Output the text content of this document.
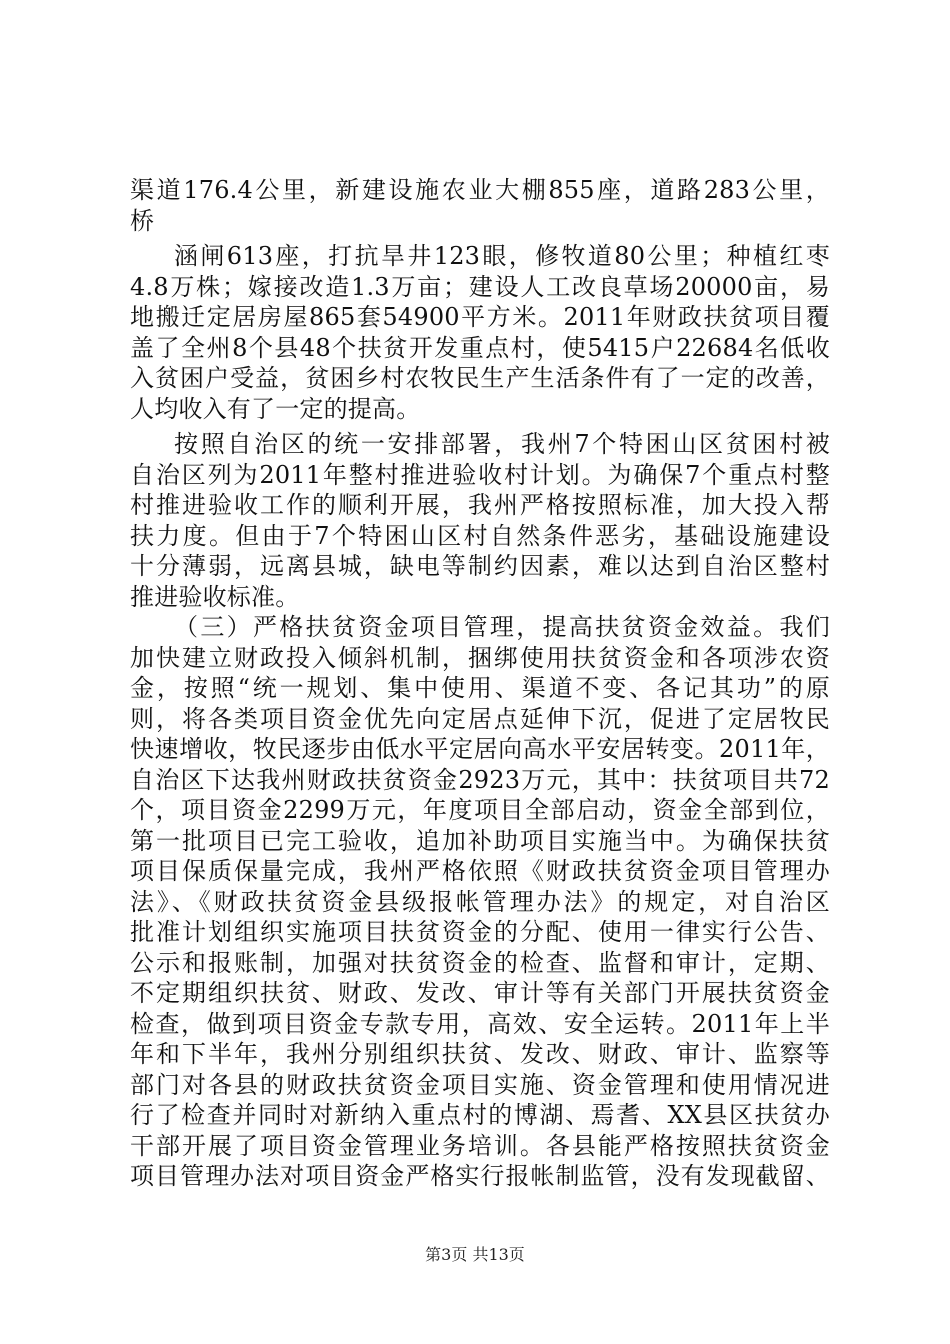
渠道176.4公里，新建设施农业大棚855座，道路283公里，
桥
涵闸613座，打抗旱井123眼，修牧道80公里；种植红枣
4.8万株；嫁接改造1.3万亩；建设人工改良草场20000亩，易
地搬迁定居房屋865套54900平方米。2011年财政扶贫项目覆
盖了全州8个县48个扶贫开发重点村，使5415户22684名低收
入贫困户受益，贫困乡村农牧民生产生活条件有了一定的改善，
人均收入有了一定的提高。
按照自治区的统一安排部署，我州7个特困山区贫困村被
自治区列为2011年整村推进验收村计划。为确保7个重点村整
村推进验收工作的顺利开展，我州严格按照标准，加大投入帮
扶力度。但由于7个特困山区村自然条件恶劣，基础设施建设
十分薄弱，远离县城，缺电等制约因素，难以达到自治区整村
推进验收标准。
（三）严格扶贫资金项目管理，提高扶贫资金效益。我们
加快建立财政投入倾斜机制，捆绑使用扶贫资金和各项涉农资
金，按照“统一规划、集中使用、渠道不变、各记其功”的原
则，将各类项目资金优先向定居点延伸下沉，促进了定居牧民
快速增收，牧民逐步由低水平定居向高水平安居转变。2011年，
自治区下达我州财政扶贫资金2923万元，其中：扶贫项目共72
个，项目资金2299万元，年度项目全部启动，资金全部到位，
第一批项目已完工验收，追加补助项目实施当中。为确保扶贫
项目保质保量完成，我州严格依照《财政扶贫资金项目管理办
法》、《财政扶贫资金县级报帐管理办法》的规定，对自治区
批准计划组织实施项目扶贫资金的分配、使用一律实行公告、
公示和报账制，加强对扶贫资金的检查、监督和审计，定期、
不定期组织扶贫、财政、发改、审计等有关部门开展扶贫资金
检查，做到项目资金专款专用，高效、安全运转。2011年上半
年和下半年，我州分别组织扶贫、发改、财政、审计、监察等
部门对各县的财政扶贫资金项目实施、资金管理和使用情况进
行了检查并同时对新纳入重点村的博湖、焉耆、XX县区扶贫办
干部开展了项目资金管理业务培训。各县能严格按照扶贫资金
项目管理办法对项目资金严格实行报帐制监管，没有发现截留、
第3页 共13页
